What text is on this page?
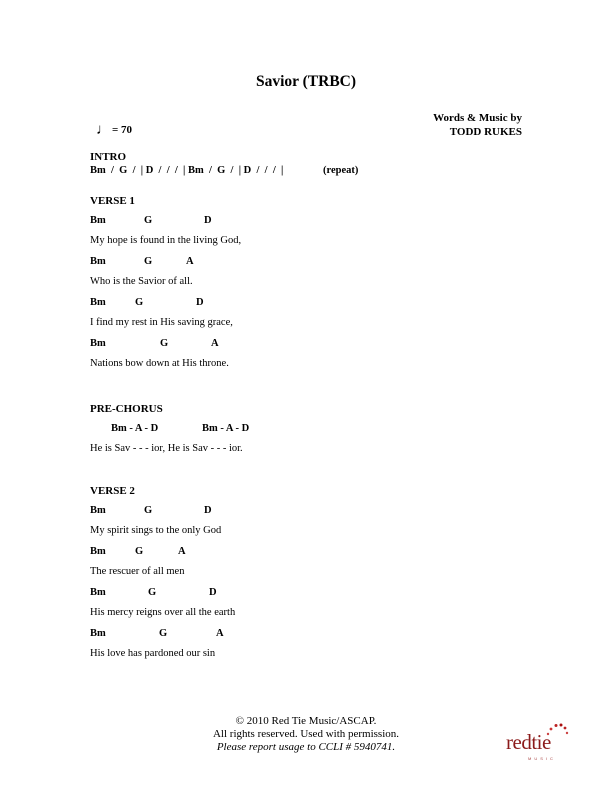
Savior (TRBC)
Words & Music by
TODD RUKES
♩= 70
INTRO
Bm  /  G  /  | D  /  /  /  | Bm  /  G  /  | D  /  /  /  |	(repeat)
VERSE 1
Bm	G	D
My hope is found in the living God,
Bm	G	A
Who is the Savior of all.
Bm	G	D
I find my rest in His saving grace,
Bm	G	A
Nations bow down at His throne.
PRE-CHORUS
Bm - A - D	Bm - A - D
He is Sav - - - ior, He is Sav - - - ior.
VERSE 2
Bm	G	D
My spirit sings to the only God
Bm	G	A
The rescuer of all men
Bm	G	D
His mercy reigns over all the earth
Bm	G	A
His love has pardoned our sin
© 2010 Red Tie Music/ASCAP.
All rights reserved. Used with permission.
Please report usage to CCLI # 5940741.	redtie
MUSIC
